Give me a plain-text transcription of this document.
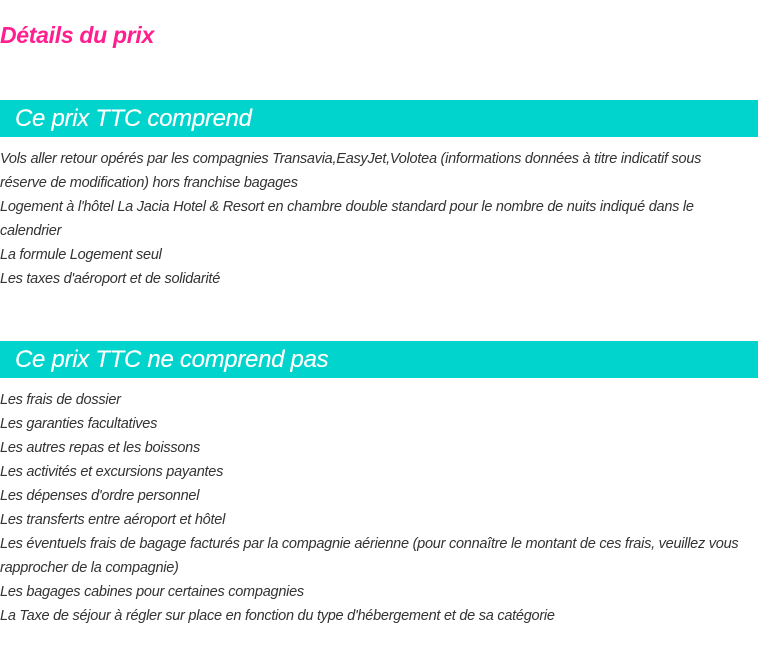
Détails du prix
Ce prix TTC comprend
Vols aller retour opérés par les compagnies Transavia,EasyJet,Volotea (informations données à titre indicatif sous réserve de modification) hors franchise bagages
Logement à l'hôtel La Jacia Hotel & Resort en chambre double standard pour le nombre de nuits indiqué dans le calendrier
La formule Logement seul
Les taxes d'aéroport et de solidarité
Ce prix TTC ne comprend pas
Les frais de dossier
Les garanties facultatives
Les autres repas et les boissons
Les activités et excursions payantes
Les dépenses d'ordre personnel
Les transferts entre aéroport et hôtel
Les éventuels frais de bagage facturés par la compagnie aérienne (pour connaître le montant de ces frais, veuillez vous rapprocher de la compagnie)
Les bagages cabines pour certaines compagnies
La Taxe de séjour à régler sur place en fonction du type d'hébergement et de sa catégorie
